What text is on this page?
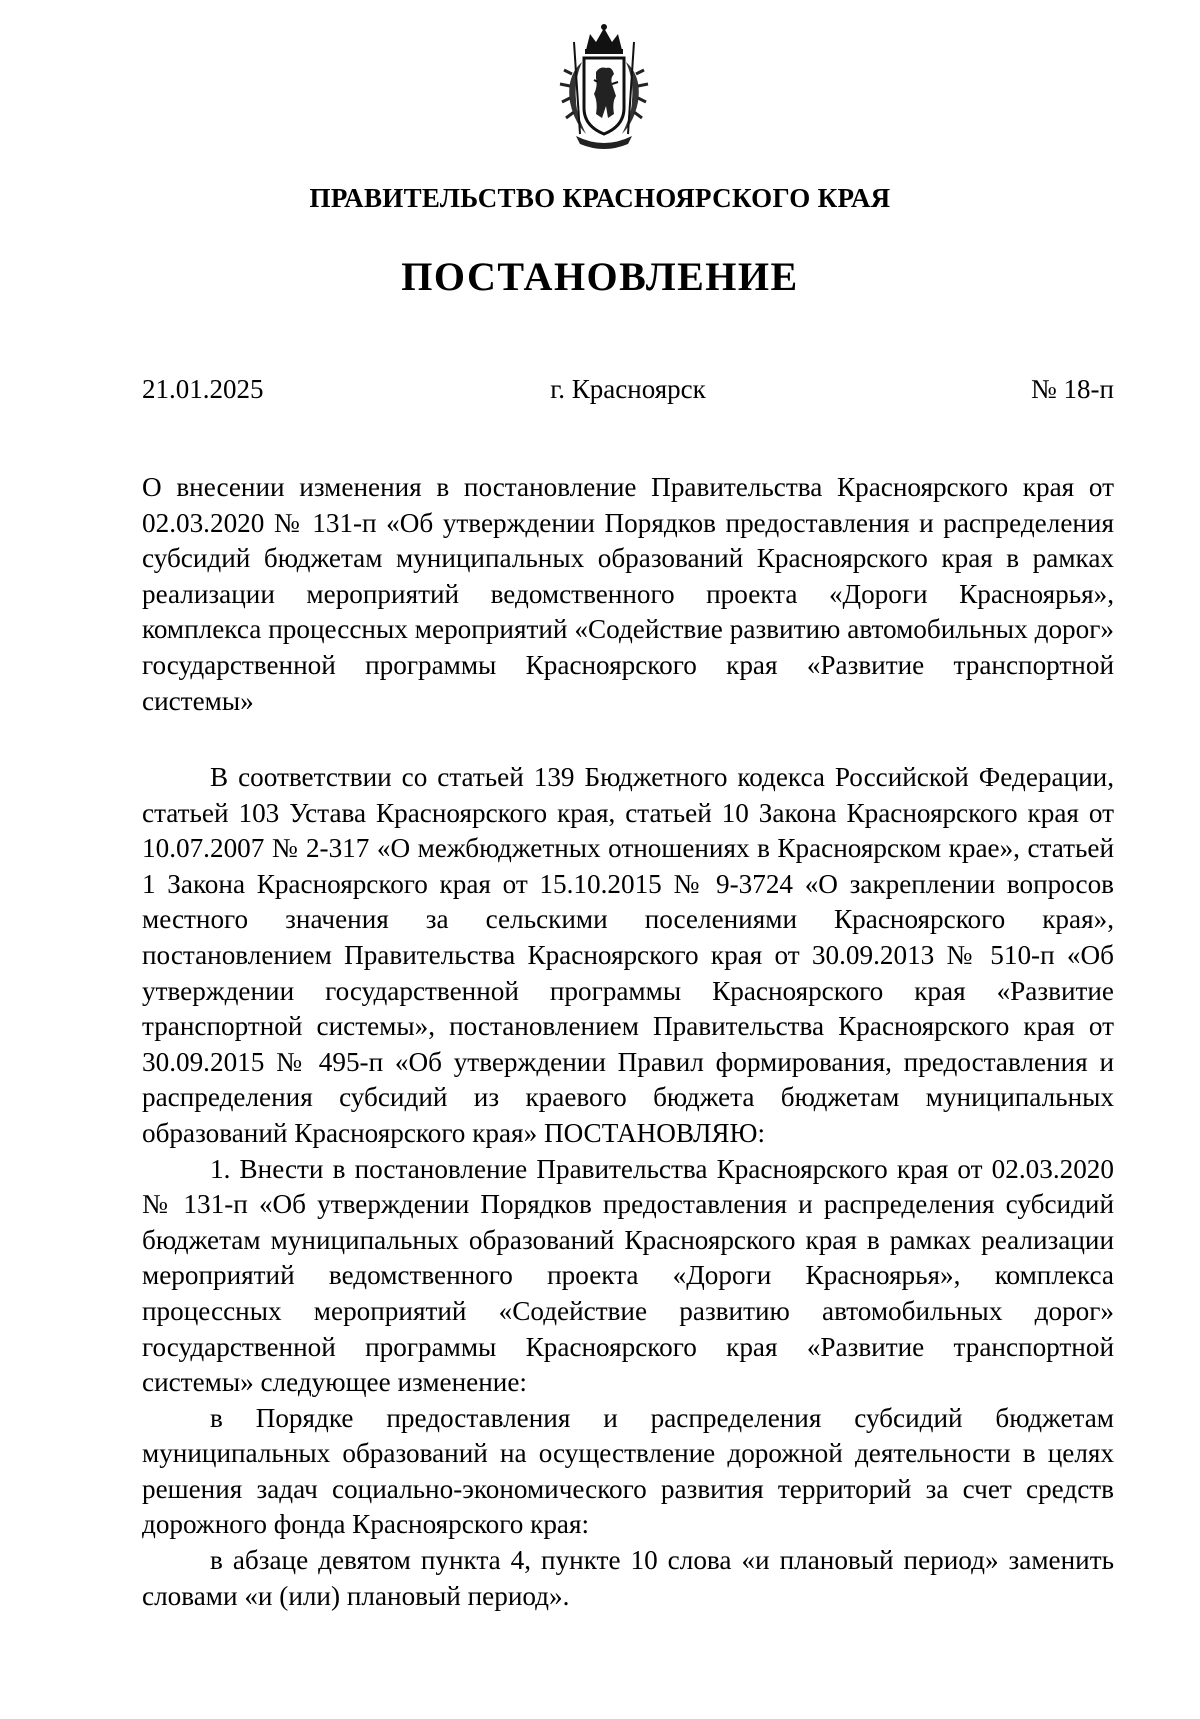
ПРАВИТЕЛЬСТВО КРАСНОЯРСКОГО КРАЯ
ПОСТАНОВЛЕНИЕ
21.01.2025	г. Красноярск	№ 18-п

О внесении изменения в постановление Правительства Красноярского края от 02.03.2020 № 131-п «Об утверждении Порядков предоставления и распределения субсидий бюджетам муниципальных образований Красноярского края в рамках реализации мероприятий ведомственного проекта «Дороги Красноярья», комплекса процессных мероприятий «Содействие развитию автомобильных дорог» государственной программы Красноярского края «Развитие транспортной системы»

В соответствии со статьей 139 Бюджетного кодекса Российской Федерации, статьей 103 Устава Красноярского края, статьей 10 Закона Красноярского края от 10.07.2007 № 2-317 «О межбюджетных отношениях в Красноярском крае», статьей 1 Закона Красноярского края от 15.10.2015 № 9-3724 «О закреплении вопросов местного значения за сельскими поселениями Красноярского края», постановлением Правительства Красноярского края от 30.09.2013 № 510-п «Об утверждении государственной программы Красноярского края «Развитие транспортной системы», постановлением Правительства Красноярского края от 30.09.2015 № 495-п «Об утверждении Правил формирования, предоставления и распределения субсидий из краевого бюджета бюджетам муниципальных образований Красноярского края» ПОСТАНОВЛЯЮ:

1. Внести в постановление Правительства Красноярского края от 02.03.2020 № 131-п «Об утверждении Порядков предоставления и распределения субсидий бюджетам муниципальных образований Красноярского края в рамках реализации мероприятий ведомственного проекта «Дороги Красноярья», комплекса процессных мероприятий «Содействие развитию автомобильных дорог» государственной программы Красноярского края «Развитие транспортной системы» следующее изменение:

в Порядке предоставления и распределения субсидий бюджетам муниципальных образований на осуществление дорожной деятельности в целях решения задач социально-экономического развития территорий за счет средств дорожного фонда Красноярского края:

в абзаце девятом пункта 4, пункте 10 слова «и плановый период» заменить словами «и (или) плановый период».
